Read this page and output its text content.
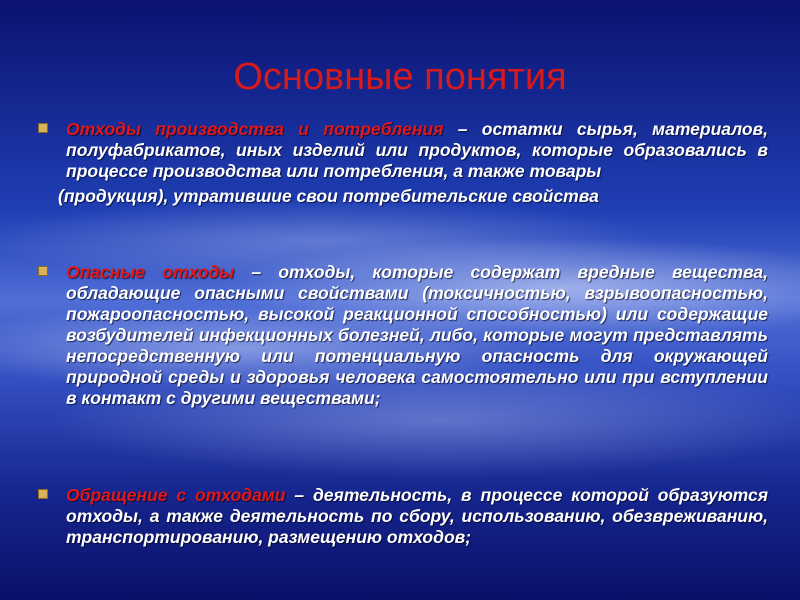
Основные понятия
Отходы производства и потребления – остатки сырья, материалов, полуфабрикатов, иных изделий или продуктов, которые образовались в процессе производства или потребления, а также товары
(продукция), утратившие свои потребительские свойства
Опасные отходы – отходы, которые содержат вредные вещества, обладающие опасными свойствами (токсичностью, взрывоопасностью, пожароопасностью, высокой реакционной способностью) или содержащие возбудителей инфекционных болезней, либо, которые могут представлять непосредственную или потенциальную опасность для окружающей природной среды и здоровья человека самостоятельно или при вступлении в контакт с другими веществами;
Обращение с отходами – деятельность, в процессе которой образуются отходы, а также деятельность по сбору, использованию, обезвреживанию, транспортированию, размещению отходов;
